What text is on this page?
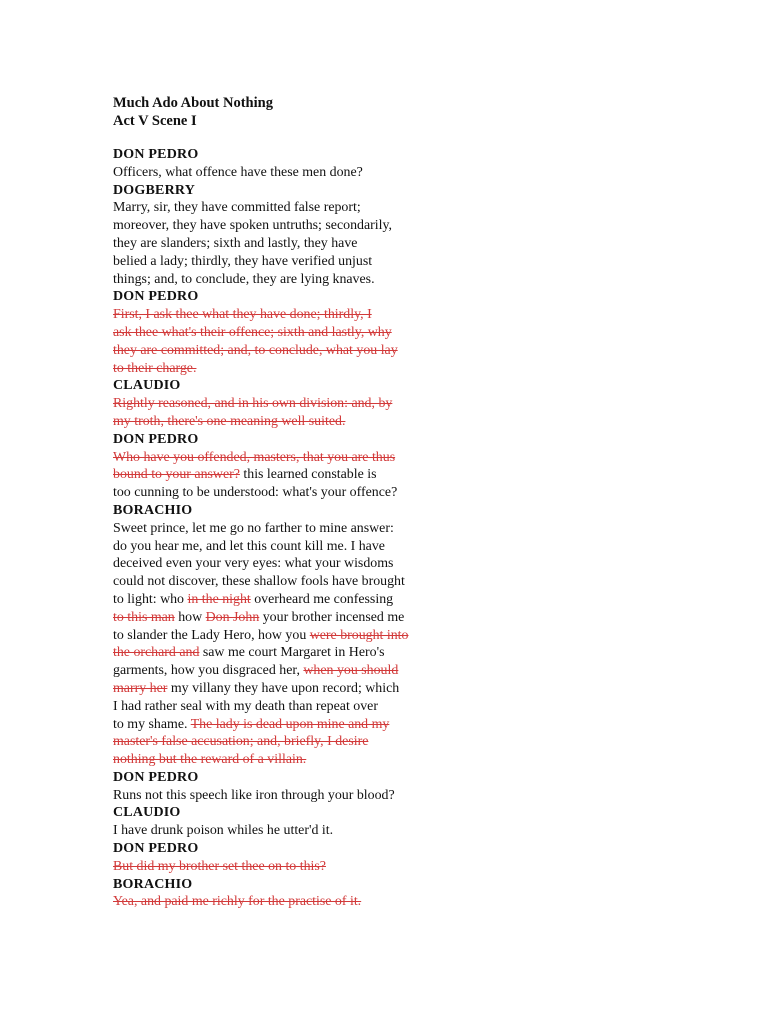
Much Ado About Nothing
Act V Scene I
DON PEDRO
Officers, what offence have these men done?
DOGBERRY
Marry, sir, they have committed false report;
moreover, they have spoken untruths; secondarily,
they are slanders; sixth and lastly, they have
belied a lady; thirdly, they have verified unjust
things; and, to conclude, they are lying knaves.
DON PEDRO
First, I ask thee what they have done; thirdly, I
ask thee what's their offence; sixth and lastly, why
they are committed; and, to conclude, what you lay
to their charge.
CLAUDIO
Rightly reasoned, and in his own division: and, by
my troth, there's one meaning well suited.
DON PEDRO
Who have you offended, masters, that you are thus
bound to your answer? this learned constable is
too cunning to be understood: what's your offence?
BORACHIO
Sweet prince, let me go no farther to mine answer:
do you hear me, and let this count kill me. I have
deceived even your very eyes: what your wisdoms
could not discover, these shallow fools have brought
to light: who in the night overheard me confessing
to this man how Don John your brother incensed me
to slander the Lady Hero, how you were brought into
the orchard and saw me court Margaret in Hero's
garments, how you disgraced her, when you should
marry her my villany they have upon record; which
I had rather seal with my death than repeat over
to my shame. The lady is dead upon mine and my
master's false accusation; and, briefly, I desire
nothing but the reward of a villain.
DON PEDRO
Runs not this speech like iron through your blood?
CLAUDIO
I have drunk poison whiles he utter'd it.
DON PEDRO
But did my brother set thee on to this?
BORACHIO
Yea, and paid me richly for the practise of it.
